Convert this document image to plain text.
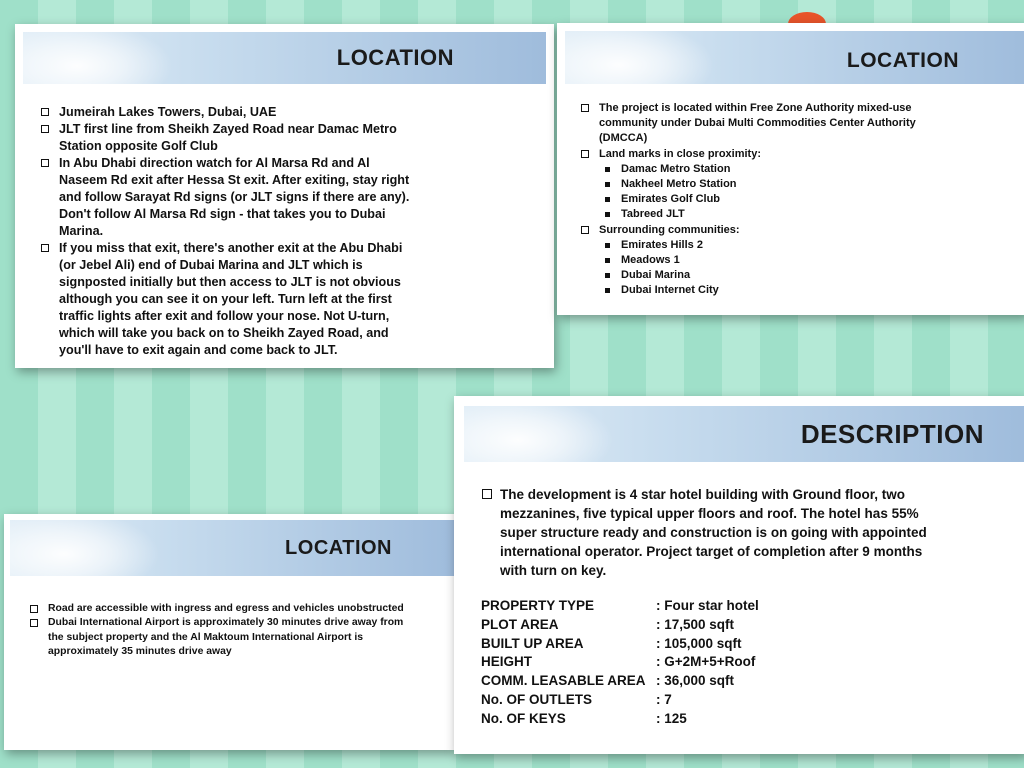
LOCATION
Jumeirah Lakes Towers, Dubai, UAE
JLT first line from Sheikh Zayed Road near Damac Metro Station opposite Golf Club
In Abu Dhabi direction watch for Al Marsa Rd and Al Naseem Rd exit after Hessa St exit. After exiting, stay right and follow Sarayat Rd signs (or JLT signs if there are any). Don't follow Al Marsa Rd sign - that takes you to Dubai Marina.
If you miss that exit, there's another exit at the Abu Dhabi (or Jebel Ali) end of Dubai Marina and JLT which is signposted initially but then access to JLT is not obvious although you can see it on your left. Turn left at the first traffic lights after exit and follow your nose. Not U-turn, which will take you back on to Sheikh Zayed Road, and you'll have to exit again and come back to JLT.
LOCATION
The project is located within Free Zone Authority mixed-use community under Dubai Multi Commodities Center Authority (DMCCA)
Land marks in close proximity:
Damac Metro Station
Nakheel Metro Station
Emirates Golf Club
Tabreed JLT
Surrounding communities:
Emirates Hills 2
Meadows 1
Dubai Marina
Dubai Internet City
LOCATION
Road are accessible with ingress and egress and vehicles unobstructed
Dubai International Airport is approximately 30 minutes drive away from the subject property and the Al Maktoum International Airport is approximately 35 minutes drive away
DESCRIPTION
The development is 4 star hotel building with Ground floor, two mezzanines, five typical upper floors and roof. The hotel has 55% super structure ready and construction is on going with appointed international operator. Project target of completion after 9 months with turn on key.
PROPERTY TYPE	: Four star hotel
PLOT AREA	: 17,500 sqft
BUILT UP AREA	: 105,000 sqft
HEIGHT	: G+2M+5+Roof
COMM. LEASABLE AREA	: 36,000 sqft
No. OF OUTLETS	: 7
No. OF KEYS	: 125
